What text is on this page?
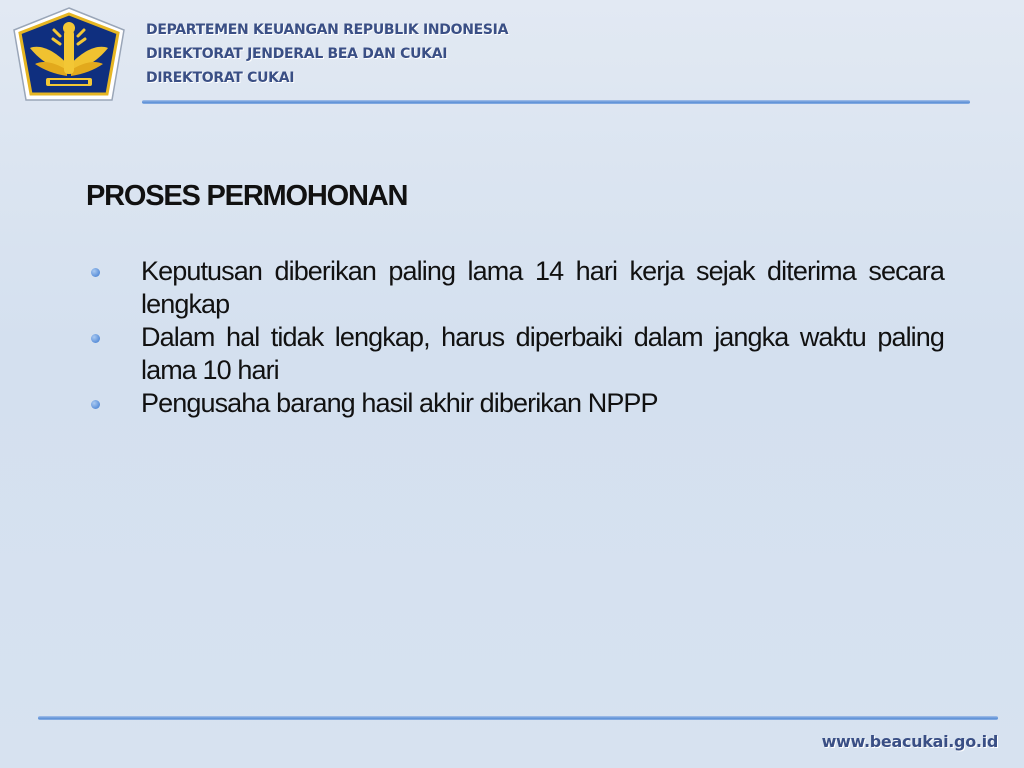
DEPARTEMEN KEUANGAN REPUBLIK INDONESIA
DIREKTORAT JENDERAL BEA DAN CUKAI
DIREKTORAT CUKAI
PROSES PERMOHONAN
Keputusan diberikan paling lama 14 hari kerja sejak diterima secara lengkap
Dalam hal tidak lengkap, harus diperbaiki dalam jangka waktu paling lama 10 hari
Pengusaha barang hasil akhir diberikan NPPP
www.beacukai.go.id
